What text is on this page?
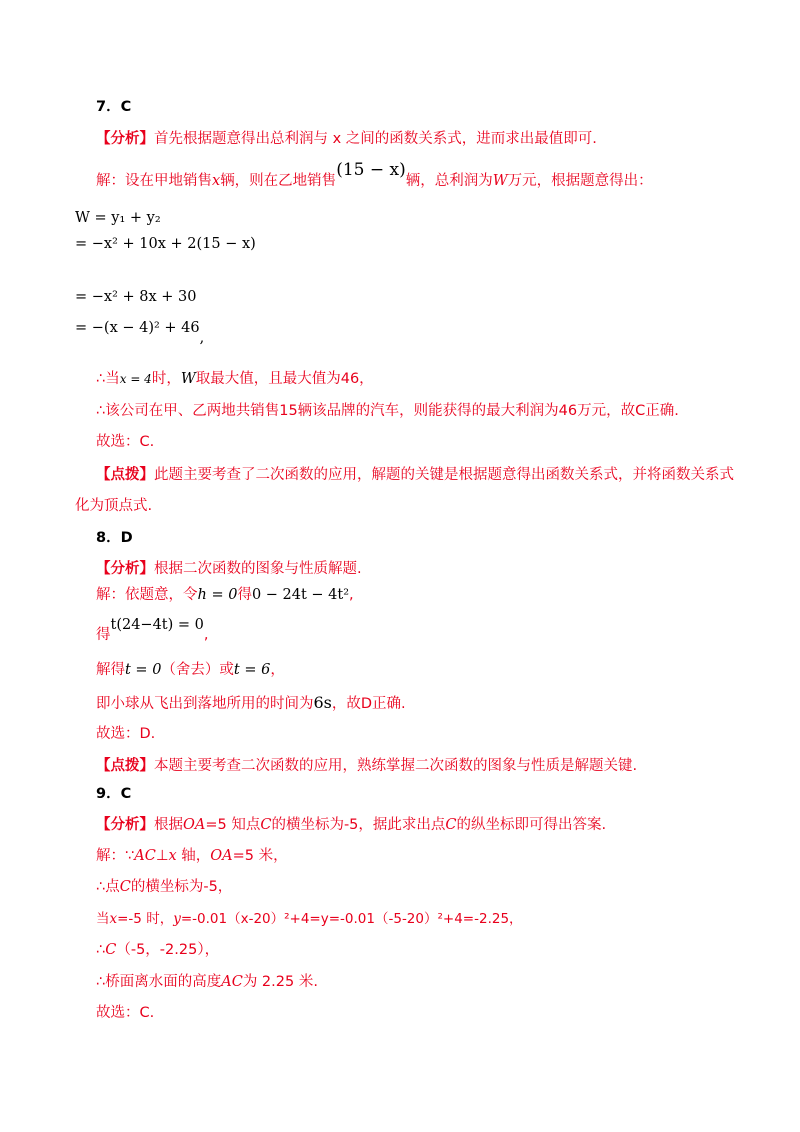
7．C
【分析】首先根据题意得出总利润与 x 之间的函数关系式，进而求出最值即可.
解：设在甲地销售x辆，则在乙地销售(15 − x)辆，总利润为W万元，根据题意得出：
W = y₁ + y₂
= −x² + 10x + 2(15 − x)
= −x² + 8x + 30
= −(x − 4)² + 46,
∴当x = 4时，W取最大值，且最大值为46，
∴该公司在甲、乙两地共销售15辆该品牌的汽车，则能获得的最大利润为46万元，故C正确.
故选：C.
【点拨】此题主要考查了二次函数的应用，解题的关键是根据题意得出函数关系式，并将函数关系式
化为顶点式.
8．D
【分析】根据二次函数的图象与性质解题.
解：依题意，令h = 0得0 − 24t − 4t²,
得t(24−4t) = 0,
解得t = 0（舍去）或t = 6，
即小球从飞出到落地所用的时间为6s，故D正确.
故选：D.
【点拨】本题主要考查二次函数的应用，熟练掌握二次函数的图象与性质是解题关键.
9．C
【分析】根据OA=5 知点C的横坐标为-5，据此求出点C的纵坐标即可得出答案.
解：∵AC⊥x 轴，OA=5 米，
∴点C的横坐标为-5，
当x=-5 时，y=-0.01（x-20）²+4=y=-0.01（-5-20）²+4=-2.25，
∴C（-5，-2.25），
∴桥面离水面的高度AC为 2.25 米.
故选：C.
